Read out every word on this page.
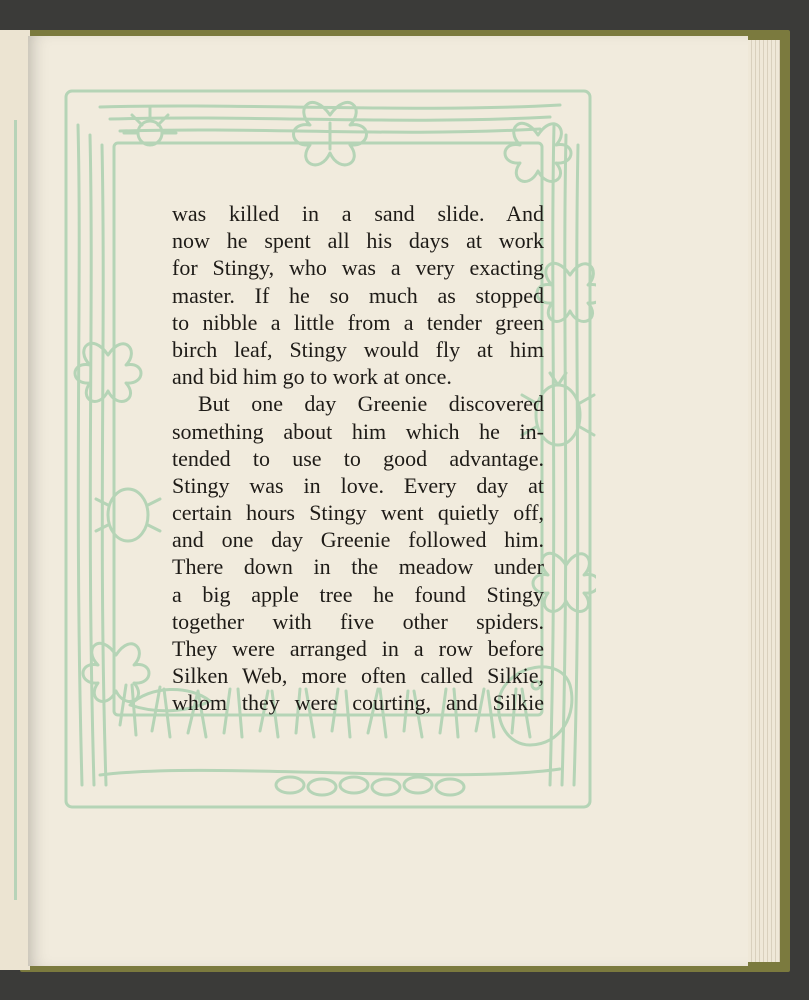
was killed in a sand slide. And
now he spent all his days at work
for Stingy, who was a very exacting
master. If he so much as stopped
to nibble a little from a tender green
birch leaf, Stingy would fly at him
and bid him go to work at once.
But one day Greenie discovered
something about him which he in-
tended to use to good advantage.
Stingy was in love. Every day at
certain hours Stingy went quietly off,
and one day Greenie followed him.
There down in the meadow under
a big apple tree he found Stingy
together with five other spiders.
They were arranged in a row before
Silken Web, more often called Silkie,
whom they were courting, and Silkie
